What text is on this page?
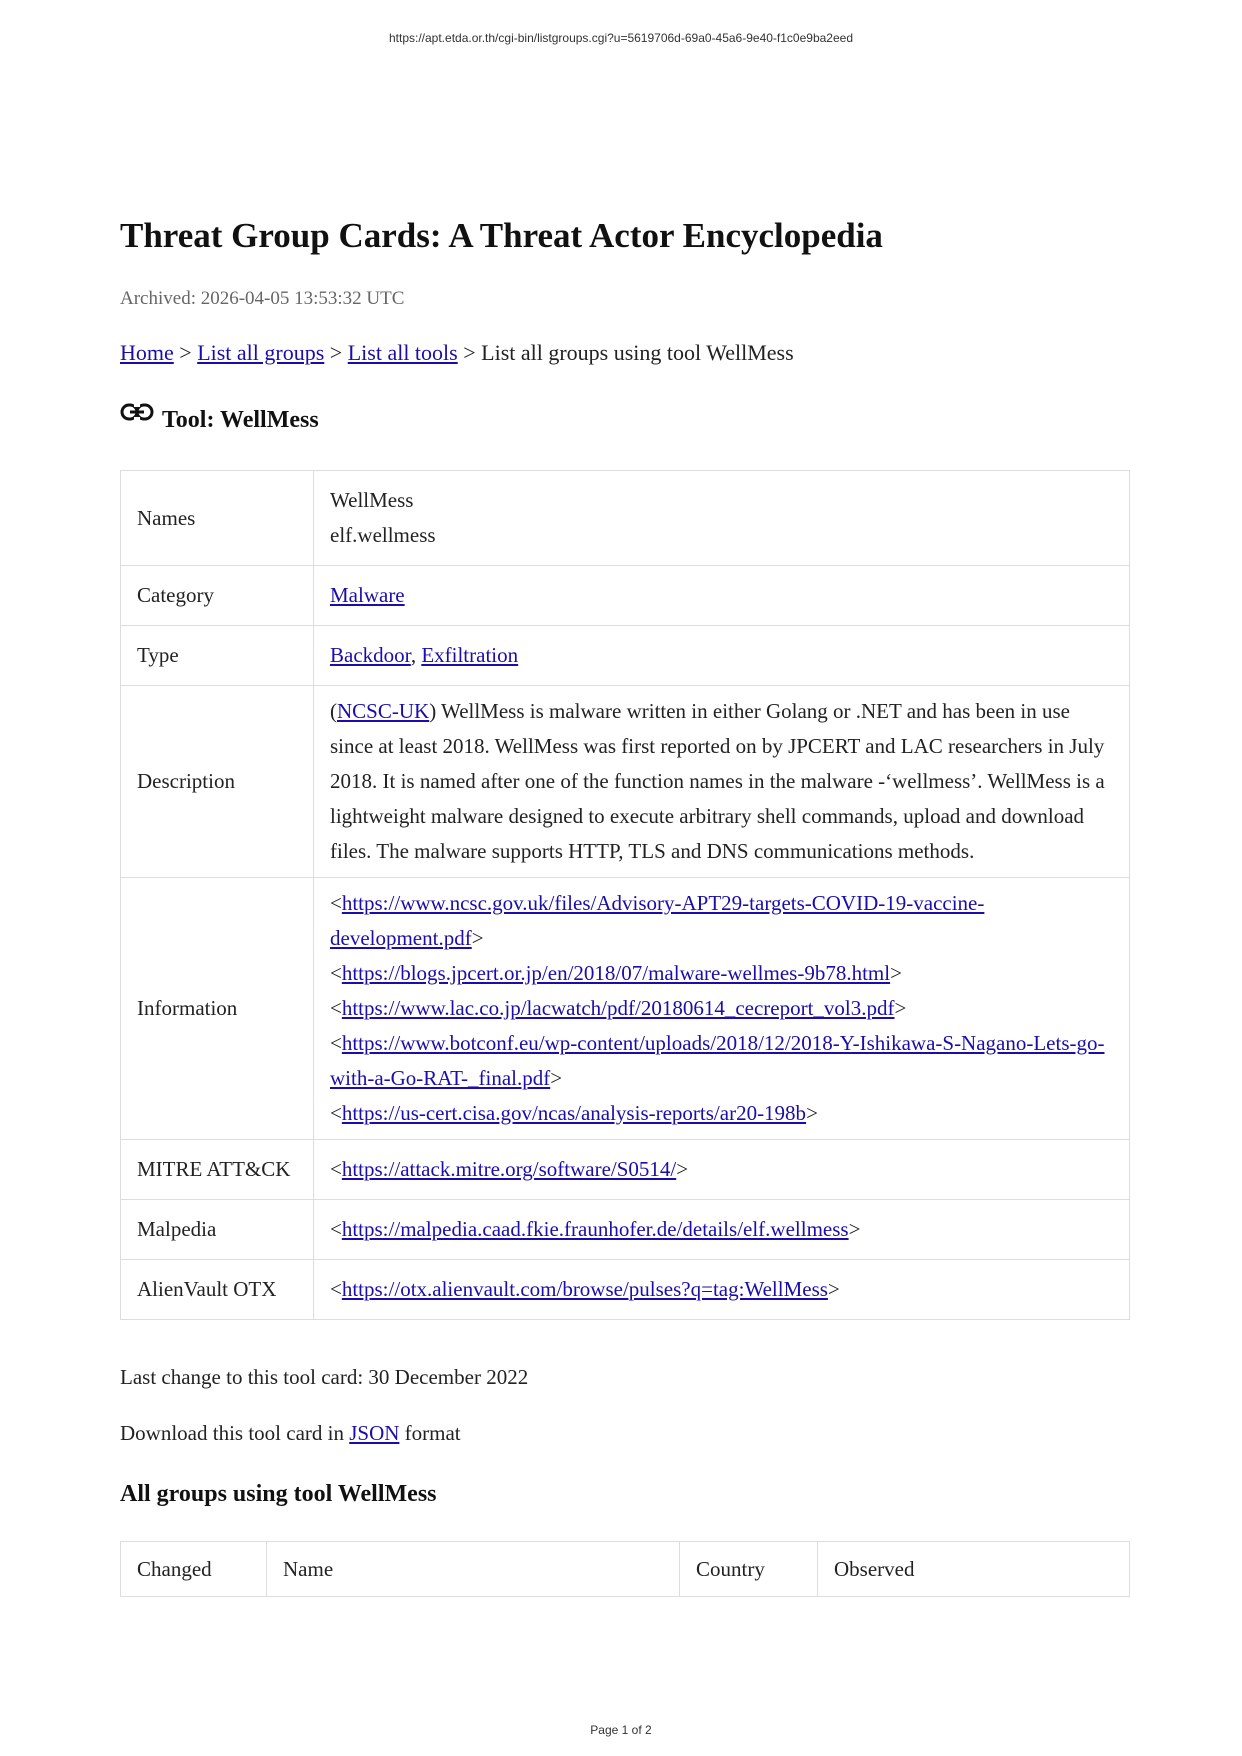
https://apt.etda.or.th/cgi-bin/listgroups.cgi?u=5619706d-69a0-45a6-9e40-f1c0e9ba2eed
Threat Group Cards: A Threat Actor Encyclopedia
Archived: 2026-04-05 13:53:32 UTC
Home > List all groups > List all tools > List all groups using tool WellMess
Tool: WellMess
Names	WellMess
elf.wellmess

Category	Malware
Type	Backdoor, Exfiltration
Description	(NCSC-UK) WellMess is malware written in either Golang or .NET and has been in use since at least 2018. WellMess was first reported on by JPCERT and LAC researchers in July 2018. It is named after one of the function names in the malware -‘wellmess’. WellMess is a lightweight malware designed to execute arbitrary shell commands, upload and download files. The malware supports HTTP, TLS and DNS communications methods.
Information	<https://www.ncsc.gov.uk/files/Advisory-APT29-targets-COVID-19-vaccine-development.pdf>
<https://blogs.jpcert.or.jp/en/2018/07/malware-wellmes-9b78.html>
<https://www.lac.co.jp/lacwatch/pdf/20180614_cecreport_vol3.pdf>
<https://www.botconf.eu/wp-content/uploads/2018/12/2018-Y-Ishikawa-S-Nagano-Lets-go-with-a-Go-RAT-_final.pdf>
<https://us-cert.cisa.gov/ncas/analysis-reports/ar20-198b>

MITRE ATT&CK	<https://attack.mitre.org/software/S0514/>
Malpedia	<https://malpedia.caad.fkie.fraunhofer.de/details/elf.wellmess>
AlienVault OTX	<https://otx.alienvault.com/browse/pulses?q=tag:WellMess>
Last change to this tool card: 30 December 2022
Download this tool card in JSON format
All groups using tool WellMess
Changed	Name	Country	Observed
Page 1 of 2
